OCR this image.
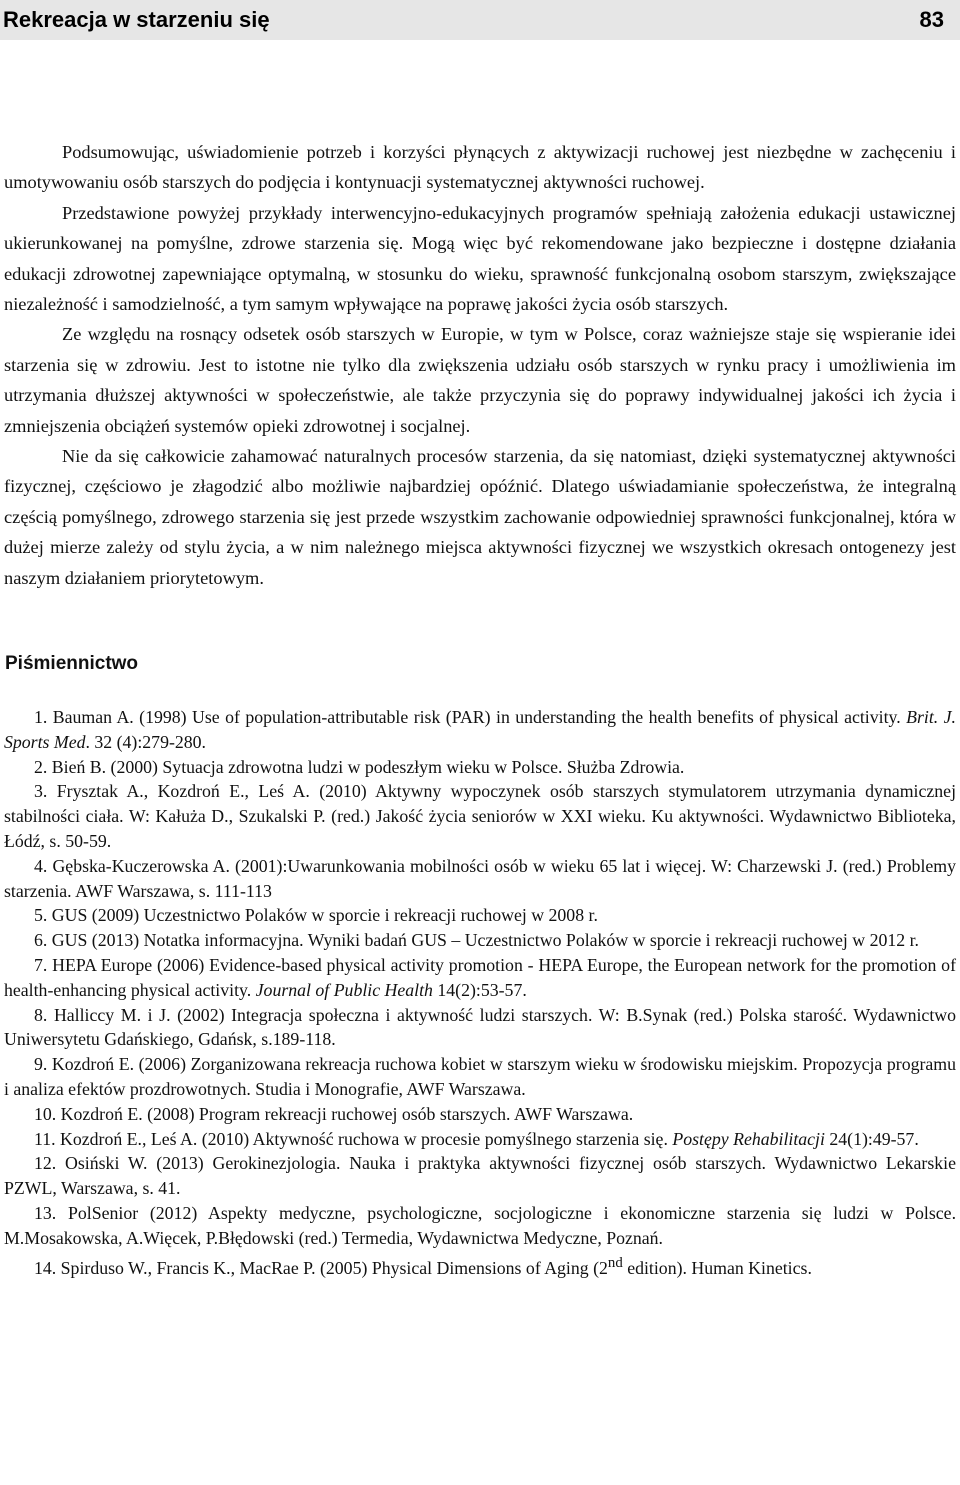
Rekreacja w starzeniu się	83

Podsumowując, uświadomienie potrzeb i korzyści płynących z aktywizacji ruchowej jest niezbędne w zachęceniu i umotywowaniu osób starszych do podjęcia i kontynuacji systematycznej aktywności ruchowej.

Przedstawione powyżej przykłady interwencyjno-edukacyjnych programów spełniają założenia edukacji ustawicznej ukierunkowanej na pomyślne, zdrowe starzenia się. Mogą więc być rekomendowane jako bezpieczne i dostępne działania edukacji zdrowotnej zapewniające optymalną, w stosunku do wieku, sprawność funkcjonalną osobom starszym, zwiększające niezależność i samodzielność, a tym samym wpływające na poprawę jakości życia osób starszych.

Ze względu na rosnący odsetek osób starszych w Europie, w tym w Polsce, coraz ważniejsze staje się wspieranie idei starzenia się w zdrowiu. Jest to istotne nie tylko dla zwiększenia udziału osób starszych w rynku pracy i umożliwienia im utrzymania dłuższej aktywności w społeczeństwie, ale także przyczynia się do poprawy indywidualnej jakości ich życia i zmniejszenia obciążeń systemów opieki zdrowotnej i socjalnej.

Nie da się całkowicie zahamować naturalnych procesów starzenia, da się natomiast, dzięki systematycznej aktywności fizycznej, częściowo je złagodzić albo możliwie najbardziej opóźnić. Dlatego uświadamianie społeczeństwa, że integralną częścią pomyślnego, zdrowego starzenia się jest przede wszystkim zachowanie odpowiedniej sprawności funkcjonalnej, która w dużej mierze zależy od stylu życia, a w nim należnego miejsca aktywności fizycznej we wszystkich okresach ontogenezy jest naszym działaniem priorytetowym.

Piśmiennictwo
1. Bauman A. (1998) Use of population-attributable risk (PAR) in understanding the health benefits of physical activity. Brit. J. Sports Med. 32 (4):279-280.
2. Bień B. (2000) Sytuacja zdrowotna ludzi w podeszłym wieku w Polsce. Służba Zdrowia.
3. Frysztak A., Kozdroń E., Leś A. (2010) Aktywny wypoczynek osób starszych stymulatorem utrzymania dynamicznej stabilności ciała. W: Kałuża D., Szukalski P. (red.) Jakość życia seniorów w XXI wieku. Ku aktywności. Wydawnictwo Biblioteka, Łódź, s. 50-59.
4. Gębska-Kuczerowska A. (2001):Uwarunkowania mobilności osób w wieku 65 lat i więcej. W: Charzewski J. (red.) Problemy starzenia. AWF Warszawa, s. 111-113
5. GUS (2009) Uczestnictwo Polaków w sporcie i rekreacji ruchowej w 2008 r.
6. GUS (2013) Notatka informacyjna. Wyniki badań GUS – Uczestnictwo Polaków w sporcie i rekreacji ruchowej w 2012 r.
7. HEPA Europe (2006) Evidence-based physical activity promotion - HEPA Europe, the European network for the promotion of health-enhancing physical activity. Journal of Public Health 14(2):53-57.
8. Halliccy M. i J. (2002) Integracja społeczna i aktywność ludzi starszych. W: B.Synak (red.) Polska starość. Wydawnictwo Uniwersytetu Gdańskiego, Gdańsk, s.189-118.
9. Kozdroń E. (2006) Zorganizowana rekreacja ruchowa kobiet w starszym wieku w środowisku miejskim. Propozycja programu i analiza efektów prozdrowotnych. Studia i Monografie, AWF Warszawa.
10. Kozdroń E. (2008) Program rekreacji ruchowej osób starszych. AWF Warszawa.
11. Kozdroń E., Leś A. (2010) Aktywność ruchowa w procesie pomyślnego starzenia się. Postępy Rehabilitacji 24(1):49-57.
12. Osiński W. (2013) Gerokinezjologia. Nauka i praktyka aktywności fizycznej osób starszych. Wydawnictwo Lekarskie PZWL, Warszawa, s. 41.
13. PolSenior (2012) Aspekty medyczne, psychologiczne, socjologiczne i ekonomiczne starzenia się ludzi w Polsce. M.Mosakowska, A.Więcek, P.Błędowski (red.) Termedia, Wydawnictwa Medyczne, Poznań.
14. Spirduso W., Francis K., MacRae P. (2005) Physical Dimensions of Aging (2nd edition). Human Kinetics.
